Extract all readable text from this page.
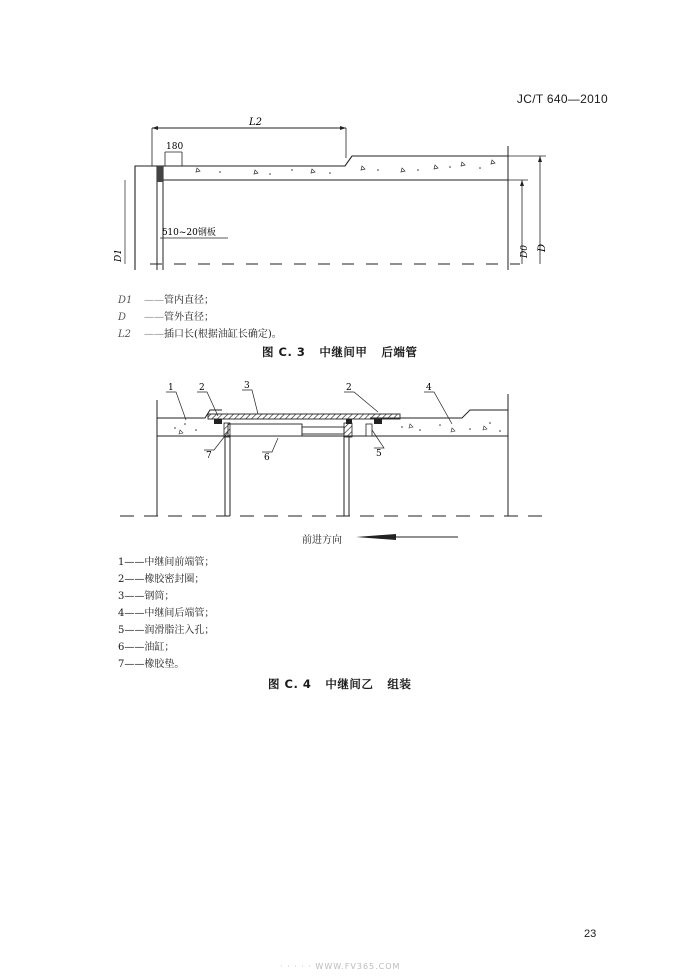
JC/T 640—2010
L2
180
δ10~20钢板
D1	D0 D
D1 ——管内直径；
D ——管外直径；
L2 ——插口长(根据油缸长确定)。
图 C. 3 中继间甲 后端管
1	2	3	2	4
7	6	5
前进方向
1——中继间前端管；
2——橡胶密封圈；
3——钢筒；
4——中继间后端管；
5——润滑脂注入孔；
6——油缸；
7——橡胶垫。
图 C. 4 中继间乙 组装
23
· · · · · WWW.FV365.COM
